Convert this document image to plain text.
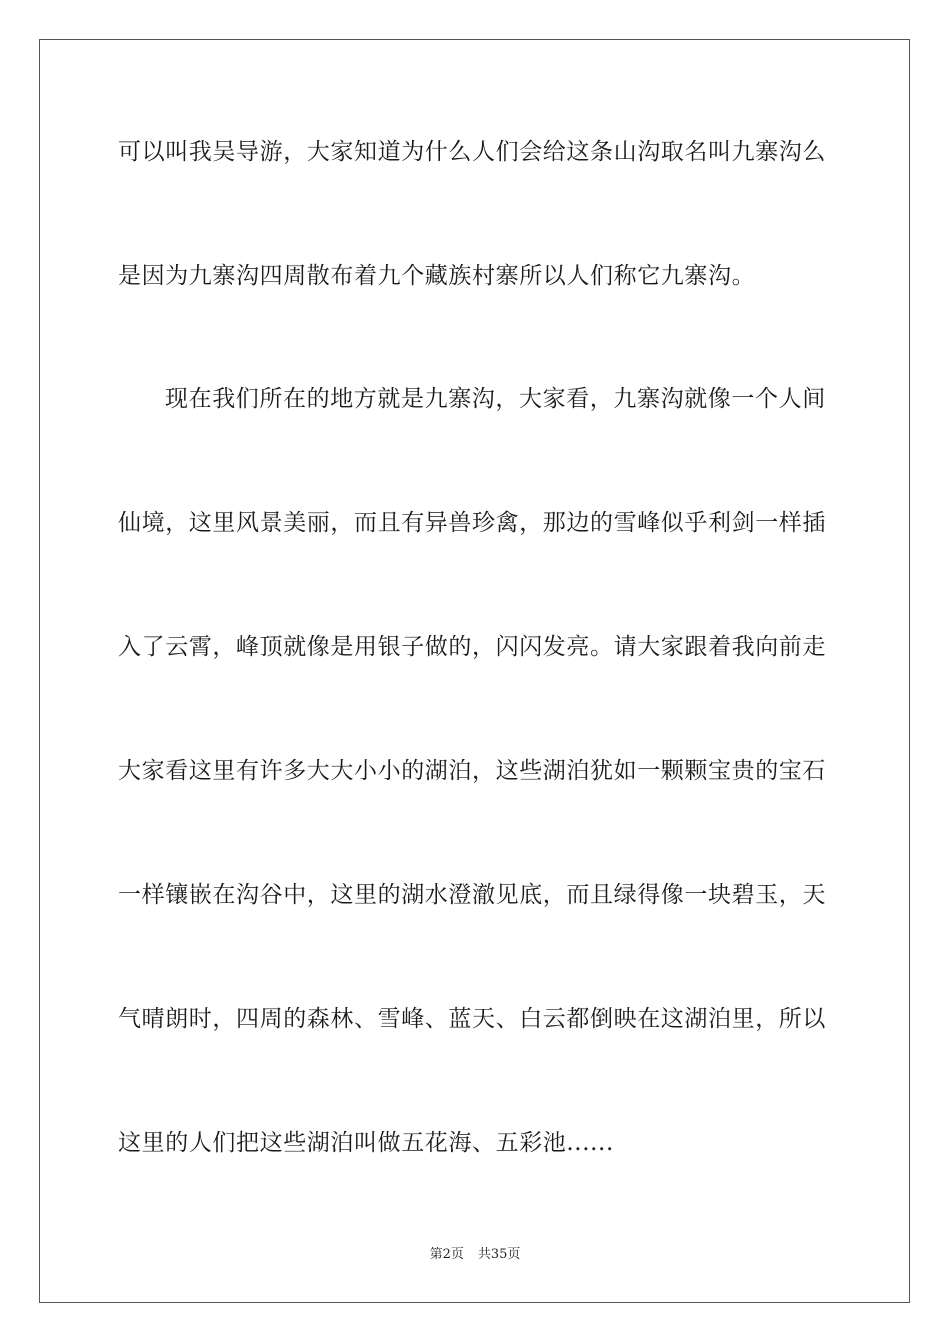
可以叫我吴导游，大家知道为什么人们会给这条山沟取名叫九寨沟么
是因为九寨沟四周散布着九个藏族村寨所以人们称它九寨沟。
现在我们所在的地方就是九寨沟，大家看，九寨沟就像一个人间
仙境，这里风景美丽，而且有异兽珍禽，那边的雪峰似乎利剑一样插
入了云霄，峰顶就像是用银子做的，闪闪发亮。请大家跟着我向前走
大家看这里有许多大大小小的湖泊，这些湖泊犹如一颗颗宝贵的宝石
一样镶嵌在沟谷中，这里的湖水澄澈见底，而且绿得像一块碧玉，天
气晴朗时，四周的森林、雪峰、蓝天、白云都倒映在这湖泊里，所以
这里的人们把这些湖泊叫做五花海、五彩池......
第2页 共35页
